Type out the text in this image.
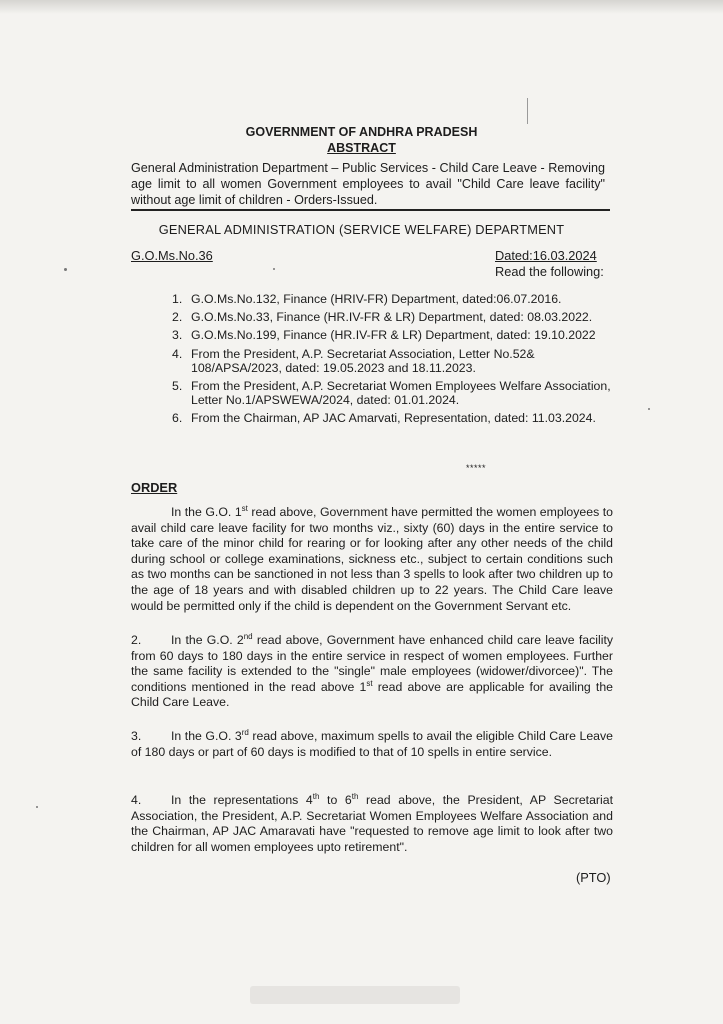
GOVERNMENT OF ANDHRA PRADESH
ABSTRACT
General Administration Department – Public Services - Child Care Leave - Removing age limit to all women Government employees to avail "Child Care leave facility" without age limit of children - Orders-Issued.
GENERAL ADMINISTRATION (SERVICE WELFARE) DEPARTMENT
G.O.Ms.No.36	Dated:16.03.2024
Read the following:
1. G.O.Ms.No.132, Finance (HRIV-FR) Department, dated:06.07.2016.
2. G.O.Ms.No.33, Finance (HR.IV-FR & LR) Department, dated: 08.03.2022.
3. G.O.Ms.No.199, Finance (HR.IV-FR & LR) Department, dated: 19.10.2022
4. From the President, A.P. Secretariat Association, Letter No.52& 108/APSA/2023, dated: 19.05.2023 and 18.11.2023.
5. From the President, A.P. Secretariat Women Employees Welfare Association, Letter No.1/APSWEWA/2024, dated: 01.01.2024.
6. From the Chairman, AP JAC Amarvati, Representation, dated: 11.03.2024.
*****
ORDER
In the G.O. 1st read above, Government have permitted the women employees to avail child care leave facility for two months viz., sixty (60) days in the entire service to take care of the minor child for rearing or for looking after any other needs of the child during school or college examinations, sickness etc., subject to certain conditions such as two months can be sanctioned in not less than 3 spells to look after two children up to the age of 18 years and with disabled children up to 22 years. The Child Care leave would be permitted only if the child is dependent on the Government Servant etc.
2. In the G.O. 2nd read above, Government have enhanced child care leave facility from 60 days to 180 days in the entire service in respect of women employees. Further the same facility is extended to the "single" male employees (widower/divorcee)". The conditions mentioned in the read above 1st read above are applicable for availing the Child Care Leave.
3. In the G.O. 3rd read above, maximum spells to avail the eligible Child Care Leave of 180 days or part of 60 days is modified to that of 10 spells in entire service.
4. In the representations 4th to 6th read above, the President, AP Secretariat Association, the President, A.P. Secretariat Women Employees Welfare Association and the Chairman, AP JAC Amaravati have "requested to remove age limit to look after two children for all women employees upto retirement".
(PTO)
